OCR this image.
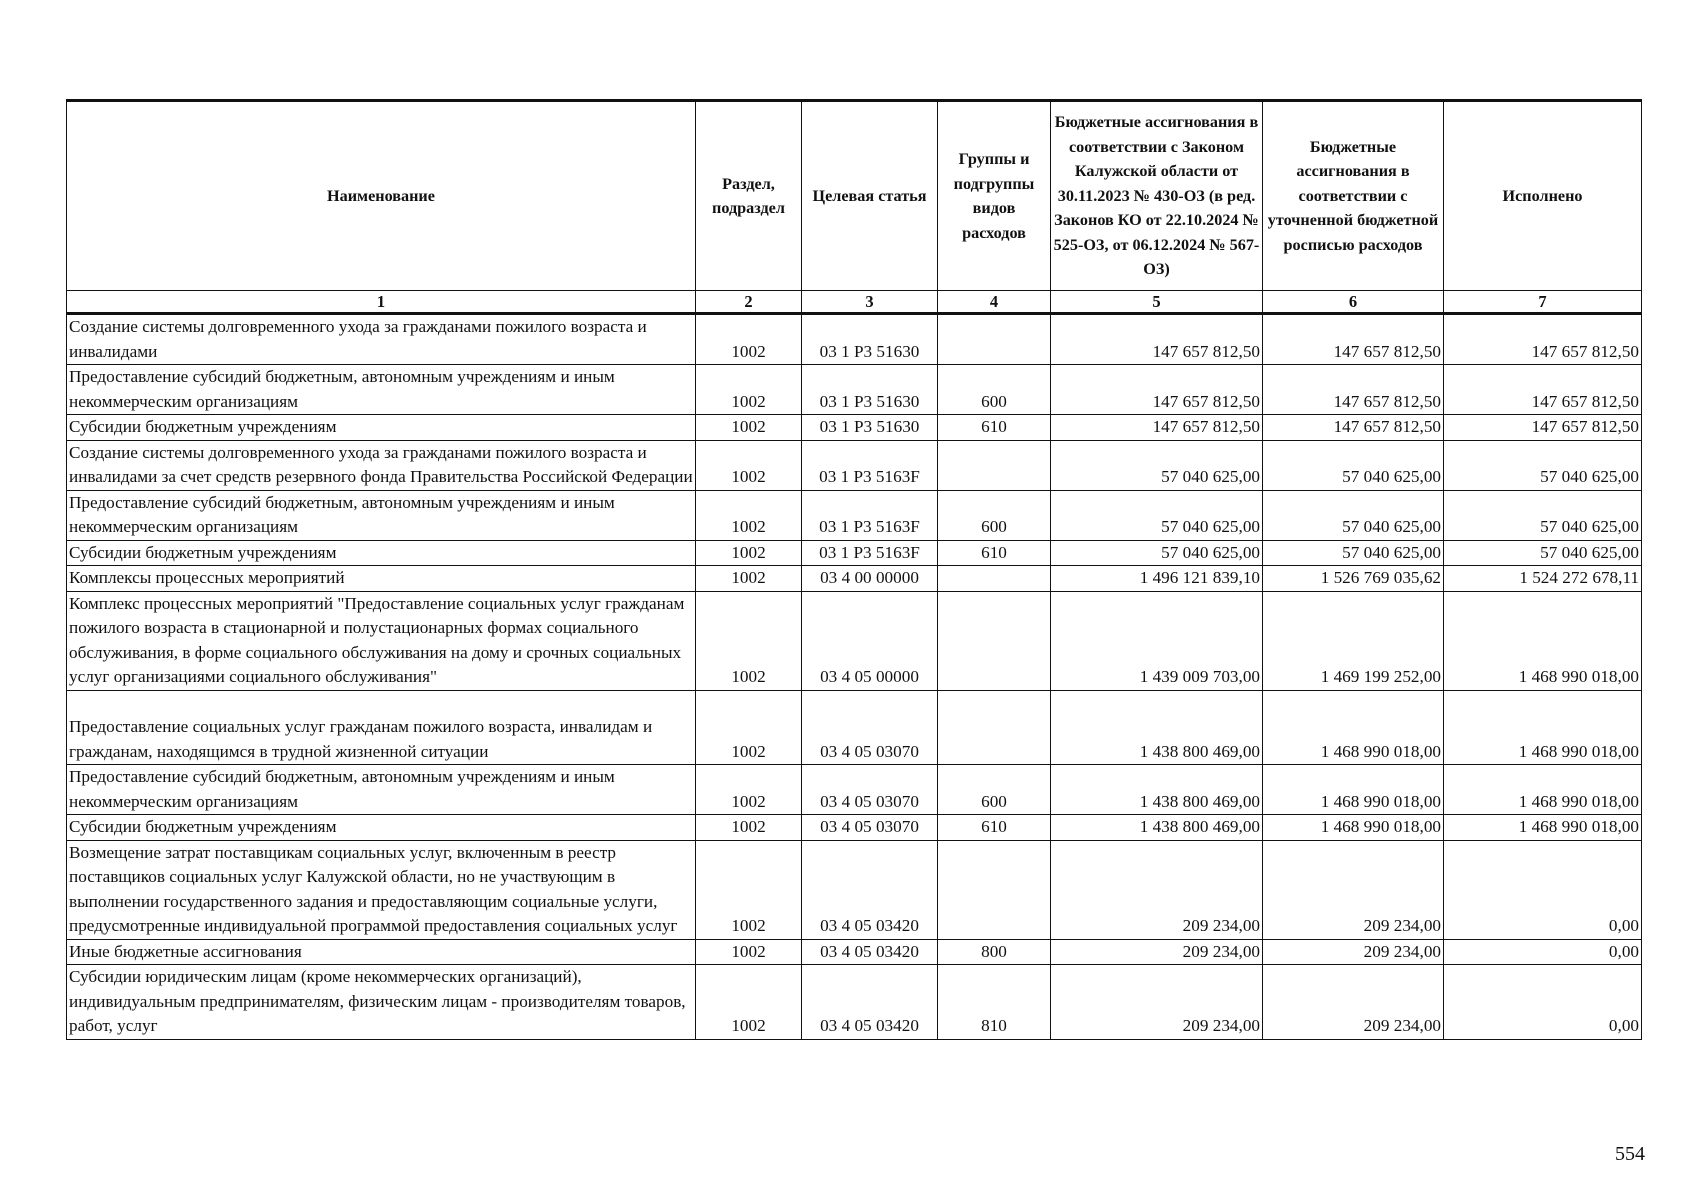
Наименование	Раздел, подраздел	Целевая статья	Группы и подгруппы видов расходов	Бюджетные ассигнования в соответствии с Законом Калужской области от 30.11.2023 № 430-ОЗ (в ред. Законов КО от 22.10.2024 № 525-ОЗ, от 06.12.2024 № 567-ОЗ)	Бюджетные ассигнования в соответствии с уточненной бюджетной росписью расходов	Исполнено
1	2	3	4	5	6	7
Создание системы долговременного ухода за гражданами пожилого возраста и инвалидами	1002	03 1 Р3 51630		147 657 812,50	147 657 812,50	147 657 812,50
Предоставление субсидий бюджетным, автономным учреждениям и иным некоммерческим организациям	1002	03 1 Р3 51630	600	147 657 812,50	147 657 812,50	147 657 812,50
Субсидии бюджетным учреждениям	1002	03 1 Р3 51630	610	147 657 812,50	147 657 812,50	147 657 812,50
Создание системы долговременного ухода за гражданами пожилого возраста и инвалидами за счет средств резервного фонда Правительства Российской Федерации	1002	03 1 Р3 5163F		57 040 625,00	57 040 625,00	57 040 625,00
Предоставление субсидий бюджетным, автономным учреждениям и иным некоммерческим организациям	1002	03 1 Р3 5163F	600	57 040 625,00	57 040 625,00	57 040 625,00
Субсидии бюджетным учреждениям	1002	03 1 Р3 5163F	610	57 040 625,00	57 040 625,00	57 040 625,00
Комплексы процессных мероприятий	1002	03 4 00 00000		1 496 121 839,10	1 526 769 035,62	1 524 272 678,11
Комплекс процессных мероприятий "Предоставление социальных услуг гражданам пожилого возраста в стационарной и полустационарных формах социального обслуживания, в форме социального обслуживания на дому и срочных социальных услуг организациями социального обслуживания"	1002	03 4 05 00000		1 439 009 703,00	1 469 199 252,00	1 468 990 018,00

Предоставление социальных услуг гражданам пожилого возраста, инвалидам и гражданам, находящимся в трудной жизненной ситуации	1002	03 4 05 03070		1 438 800 469,00	1 468 990 018,00	1 468 990 018,00
Предоставление субсидий бюджетным, автономным учреждениям и иным некоммерческим организациям	1002	03 4 05 03070	600	1 438 800 469,00	1 468 990 018,00	1 468 990 018,00
Субсидии бюджетным учреждениям	1002	03 4 05 03070	610	1 438 800 469,00	1 468 990 018,00	1 468 990 018,00
Возмещение затрат поставщикам социальных услуг, включенным в реестр поставщиков социальных услуг Калужской области, но не участвующим в выполнении государственного задания и предоставляющим социальные услуги, предусмотренные индивидуальной программой предоставления социальных услуг	1002	03 4 05 03420		209 234,00	209 234,00	0,00
Иные бюджетные ассигнования	1002	03 4 05 03420	800	209 234,00	209 234,00	0,00
Субсидии юридическим лицам (кроме некоммерческих организаций), индивидуальным предпринимателям, физическим лицам - производителям товаров, работ, услуг	1002	03 4 05 03420	810	209 234,00	209 234,00	0,00
554
